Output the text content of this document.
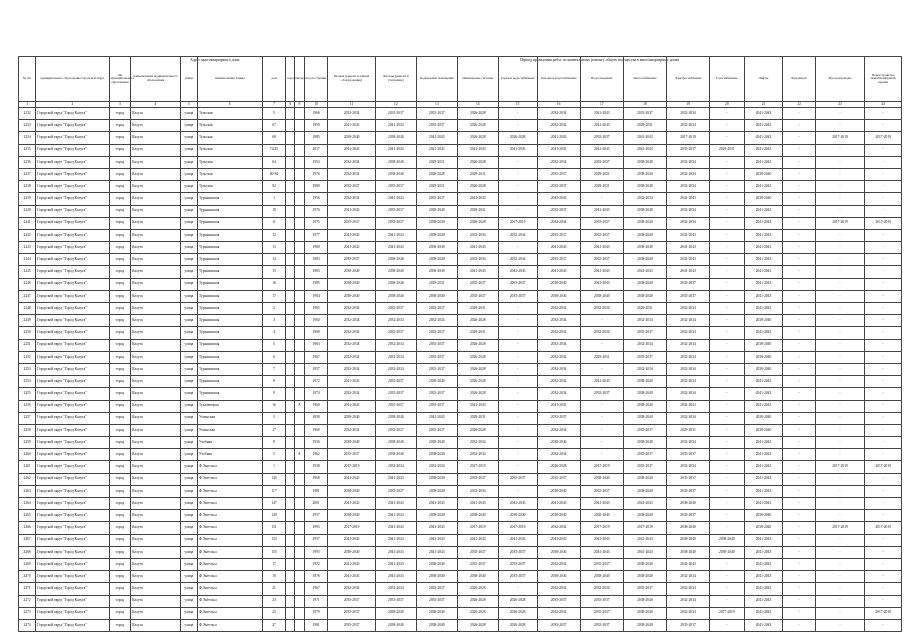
Адрес многоквартирного дома	Период проведения работ по капитальному ремонту общего имущества в многоквартирных домах
№ п/п	муниципальное образование/городской округ	тип муниципального образования	наименование муниципального образования	улица	наименование улицы	дом	корпус	литера	Год постройки	Кровля (ремонт и замена оборудования)	Фасады (ремонт и утепление)	Подвальные помещения	Инженерные системы	Горячее водоснабжение	Холодное водоснабжение	Водоотведение	Теплоснабжение	Электроснабжение	Газоснабжение	Лифты	Фундамент	Мусоропроводы	Переустройство невентилируемой крыши
1	2	3	4	5	6	7	8	9	10	11	12	13	14	15	16	17	18	19	20	21	22	23	24
2232	Городской округ "Город Калуга"	город	Калуга	улица	Тульская	5			1966	2032-2034	2035-2037	2035-2037	2026-2028	-	2032-2034	2041-2043	2035-2037	2032-2034	-	2041-2043	-	-	-
2233	Городской округ "Город Калуга"	город	Калуга	улица	Тульская	67			1959	2041-2043	2041-2043	2035-2037	2026-2028	-	2032-2034	2041-2043	2029-2031	2032-2034	-	2041-2043	-	-	-
2234	Городской округ "Город Калуга"	город	Калуга	улица	Тульская	68			1985	2038-2040	2038-2040	2041-2043	2026-2028	2026-2028	2041-2043	2035-2037	2041-2043	2017-2019	-	2041-2043	-	2017-2019	2017-2019
2235	Городской округ "Город Калуга"	город	Калуга	улица	Тульская	74/45			2017	2041-2043	2041-2043	2041-2043	2041-2043	2041-2043	2041-2043	2041-2043	2041-2043	2035-2037	2029-2031	2041-2043	-	-	-
2236	Городской округ "Город Калуга"	город	Калуга	улица	Тульская	64			1954	2032-2034	2038-2040	2029-2031	2026-2028	-	2032-2034	2035-2037	2038-2040	2032-2034	-	2041-2043	-	-	-
2237	Городской округ "Город Калуга"	город	Калуга	улица	Тульская	80-84			1976	2032-2034	2038-2040	2026-2028	2029-2031	-	2035-2037	2029-2031	2038-2040	2032-2034	-	2038-2040	-	-	-
2238	Городской округ "Город Калуга"	город	Калуга	улица	Тульская	92			1980	2035-2037	2035-2037	2029-2031	2026-2028	-	2035-2037	2029-2031	2038-2040	2032-2034	-	2041-2043	-	-	-
2239	Городской округ "Город Калуга"	город	Калуга	улица	Турынинская	1			1956	2032-2034	2041-2043	2035-2037	2041-2043	-	2041-2043	-	2032-2034	2041-2043	-	2038-2040	-	-	-
2240	Городской округ "Город Калуга"	город	Калуга	улица	Турынинская	10			1976	2041-2043	2035-2037	2038-2040	2029-2031	-	2035-2037	2041-2043	2038-2040	2032-2034	-	2041-2043	-	-	-
2241	Городской округ "Город Калуга"	город	Калуга	улица	Турынинская	11			1975	2035-2037	2035-2037	2038-2040	2026-2028	2017-2019	2032-2034	2035-2037	2038-2040	2032-2034	-	2041-2043	-	2017-2019	2017-2019
2242	Городской округ "Город Калуга"	город	Калуга	улица	Турынинская	12			1977	2041-2043	2041-2043	2038-2040	2032-2034	2032-2034	2035-2037	2035-2037	2038-2040	2041-2043	-	2041-2043	-	-	-
2243	Городской округ "Город Калуга"	город	Калуга	улица	Турынинская	13			1980	2041-2043	2041-2043	2038-2040	2041-2043	-	2041-2043	2041-2043	2038-2040	2041-2043	-	2041-2043	-	-	-
2244	Городской округ "Город Калуга"	город	Калуга	улица	Турынинская	14			1983	2035-2037	2038-2040	2038-2040	2032-2034	2032-2034	2035-2037	2035-2037	2038-2040	2041-2043	-	2041-2043	-	-	-
2245	Городской округ "Город Калуга"	город	Калуга	улица	Турынинская	15			1983	2038-2040	2038-2040	2038-2040	2041-2043	2041-2043	2041-2043	2041-2043	2041-2043	2041-2043	-	2041-2043	-	-	-
2246	Городской округ "Город Калуга"	город	Калуга	улица	Турынинская	16			1985	2038-2040	2038-2040	2029-2031	2035-2037	2035-2037	2038-2040	2041-2043	2038-2040	2035-2037	-	2041-2043	-	-	-
2247	Городской округ "Город Калуга"	город	Калуга	улица	Турынинская	17			1984	2038-2040	2038-2040	2038-2040	2035-2037	2035-2037	2038-2040	2038-2040	2038-2040	2035-2037	-	2041-2043	-	-	-
2248	Городской округ "Город Калуга"	город	Калуга	улица	Турынинская	2			1965	2032-2034	2035-2037	2035-2037	2029-2031	-	2032-2034	2032-2034	2029-2031	2032-2034	-	2041-2043	-	-	-
2249	Городской округ "Город Калуга"	город	Калуга	улица	Турынинская	3			1960	2032-2034	2032-2034	2032-2034	2026-2028	-	2032-2034	-	2032-2034	2032-2034	-	2038-2040	-	-	-
2250	Городской округ "Город Калуга"	город	Калуга	улица	Турынинская	4			1968	2032-2034	2035-2037	2035-2037	2029-2031	-	2032-2034	2032-2034	2035-2037	2032-2034	-	2041-2043	-	-	-
2251	Городской округ "Город Калуга"	город	Калуга	улица	Турынинская	5			1963	2032-2034	2032-2034	2035-2037	2026-2028	-	2032-2034	-	2032-2034	2032-2034	-	2038-2040	-	-	-
2252	Городской округ "Город Калуга"	город	Калуга	улица	Турынинская	6			1967	2032-2034	2032-2034	2035-2037	2026-2028	-	2032-2034	2029-2031	2035-2037	2032-2034	-	2038-2040	-	-	-
2253	Городской округ "Город Калуга"	город	Калуга	улица	Турынинская	7			1957	2032-2034	2032-2034	2035-2037	2026-2028	-	2032-2034	-	2032-2034	2032-2034	-	2038-2040	-	-	-
2254	Городской округ "Город Калуга"	город	Калуга	улица	Турынинская	8			1972	2041-2043	2035-2037	2038-2040	2026-2028	-	2032-2034	2041-2043	2038-2040	2032-2034	-	2041-2043	-	-	-
2255	Городской округ "Город Калуга"	город	Калуга	улица	Турынинская	9			1974	2032-2034	2035-2037	2035-2037	2026-2028	-	2032-2034	2035-2037	2038-2040	2032-2034	-	2041-2043	-	-	-
2256	Городской округ "Город Калуга"	город	Калуга	улица	Тухачевского	16		А	1960	2041-2043	2035-2037	2035-2037	2041-2043	-	2041-2043	-	2038-2040	2041-2043	-	2041-2043	-	-	-
2257	Городской округ "Город Калуга"	город	Калуга	улица	Ухтинская	5			1958	2038-2040	2038-2040	2041-2043	2029-2031	-	2035-2037	-	2038-2040	2032-2034	-	2038-2040	-	-	-
2258	Городской округ "Город Калуга"	город	Калуга	улица	Ухтинская	17			1960	2032-2034	2035-2037	2035-2037	2026-2028	-	2032-2034	-	2035-2037	2029-2031	-	2038-2040	-	-	-
2259	Городской округ "Город Калуга"	город	Калуга	улица	Учебная	8			1936	2038-2040	2038-2040	2038-2040	2032-2034	-	2038-2040	-	2038-2040	2032-2034	-	2041-2043	-	-	-
2260	Городской округ "Город Калуга"	город	Калуга	улица	Учебная	5		А	1962	2035-2037	2038-2040	2038-2040	2032-2034	-	2032-2034	-	2035-2037	2035-2037	-	2041-2043	-	-	-
2261	Городской округ "Город Калуга"	город	Калуга	улица	Ф.Энгельса	1			1938	2017-2019	2032-2034	2032-2034	2017-2019	-	2026-2028	2017-2019	2035-2037	2032-2034	-	2041-2043	-	2017-2019	2017-2019
2262	Городской округ "Город Калуга"	город	Калуга	улица	Ф.Энгельса	145			1968	2041-2043	2041-2043	2038-2040	2035-2037	2035-2037	2035-2037	2038-2040	2038-2040	2035-2037	-	2041-2043	-	-	-
2263	Городской округ "Город Калуга"	город	Калуга	улица	Ф.Энгельса	117			1981	2038-2040	2035-2037	2038-2040	2032-2034	-	2038-2040	2035-2037	2038-2040	2035-2037	-	2041-2043	-	-	-
2264	Городской округ "Город Калуга"	город	Калуга	улица	Ф.Энгельса	147			2001	2041-2043	2041-2043	2041-2043	2041-2043	2041-2043	2041-2043	2041-2043	2041-2043	2038-2040	-	2041-2043	-	-	-
2265	Городской округ "Город Калуга"	город	Калуга	улица	Ф.Энгельса	149			1997	2038-2040	2041-2043	2038-2040	2038-2040	2038-2040	2038-2040	2038-2040	2038-2040	2035-2037	-	2038-2040	-	-	-
2266	Городской округ "Город Калуга"	город	Калуга	улица	Ф.Энгельса	151			1993	2017-2019	2041-2043	2041-2043	2017-2019	2017-2019	2032-2034	2017-2019	2017-2019	2038-2040	-	2038-2040	-	2017-2019	2017-2019
2267	Городской округ "Город Калуга"	город	Калуга	улица	Ф.Энгельса	153			1997	2041-2043	2041-2043	2041-2043	2041-2043	2041-2043	2041-2043	2041-2043	2041-2043	2038-2040	2038-2040	2041-2043	-	-	-
2268	Городской округ "Город Калуга"	город	Калуга	улица	Ф.Энгельса	155			1995	2038-2040	2041-2043	2041-2043	2035-2037	2035-2037	2038-2040	2041-2043	2041-2043	2038-2040	2038-2040	2041-2043	-	-	-
2269	Городской округ "Город Калуга"	город	Калуга	улица	Ф.Энгельса	17			1972	2041-2043	2041-2043	2038-2040	2035-2037	2035-2037	2032-2034	2035-2037	2038-2040	2041-2043	-	2041-2043	-	-	-
2270	Городской округ "Город Калуга"	город	Калуга	улица	Ф.Энгельса	19			1976	2041-2043	2041-2043	2038-2040	2038-2040	2035-2037	2038-2040	2038-2040	2038-2040	2032-2034	-	2041-2043	-	-	-
2271	Городской округ "Город Калуга"	город	Калуга	улица	Ф.Энгельса	21			1967	2032-2034	2032-2034	2035-2037	2026-2028	-	2032-2034	2032-2034	2035-2037	2032-2034	-	2041-2043	-	-	-
2272	Городской округ "Город Калуга"	город	Калуга	улица	Ф.Энгельса	23			1971	2035-2037	2035-2037	2035-2037	2026-2028	2026-2028	2035-2037	2035-2037	2038-2040	2032-2034	-	2041-2043	-	-	-
2273	Городской округ "Город Калуга"	город	Калуга	улица	Ф.Энгельса	25			1979	2035-2037	2038-2040	2038-2040	2026-2028	2026-2028	2032-2034	2035-2037	2038-2040	2032-2034	2017-2019	2041-2043	-	-	2017-2019
2274	Городской округ "Город Калуга"	город	Калуга	улица	Ф.Энгельса	27			1981	2035-2037	2038-2040	2038-2040	2026-2028	2026-2028	2035-2037	2035-2037	2038-2040	2035-2037	-	2041-2043	-	-	-
